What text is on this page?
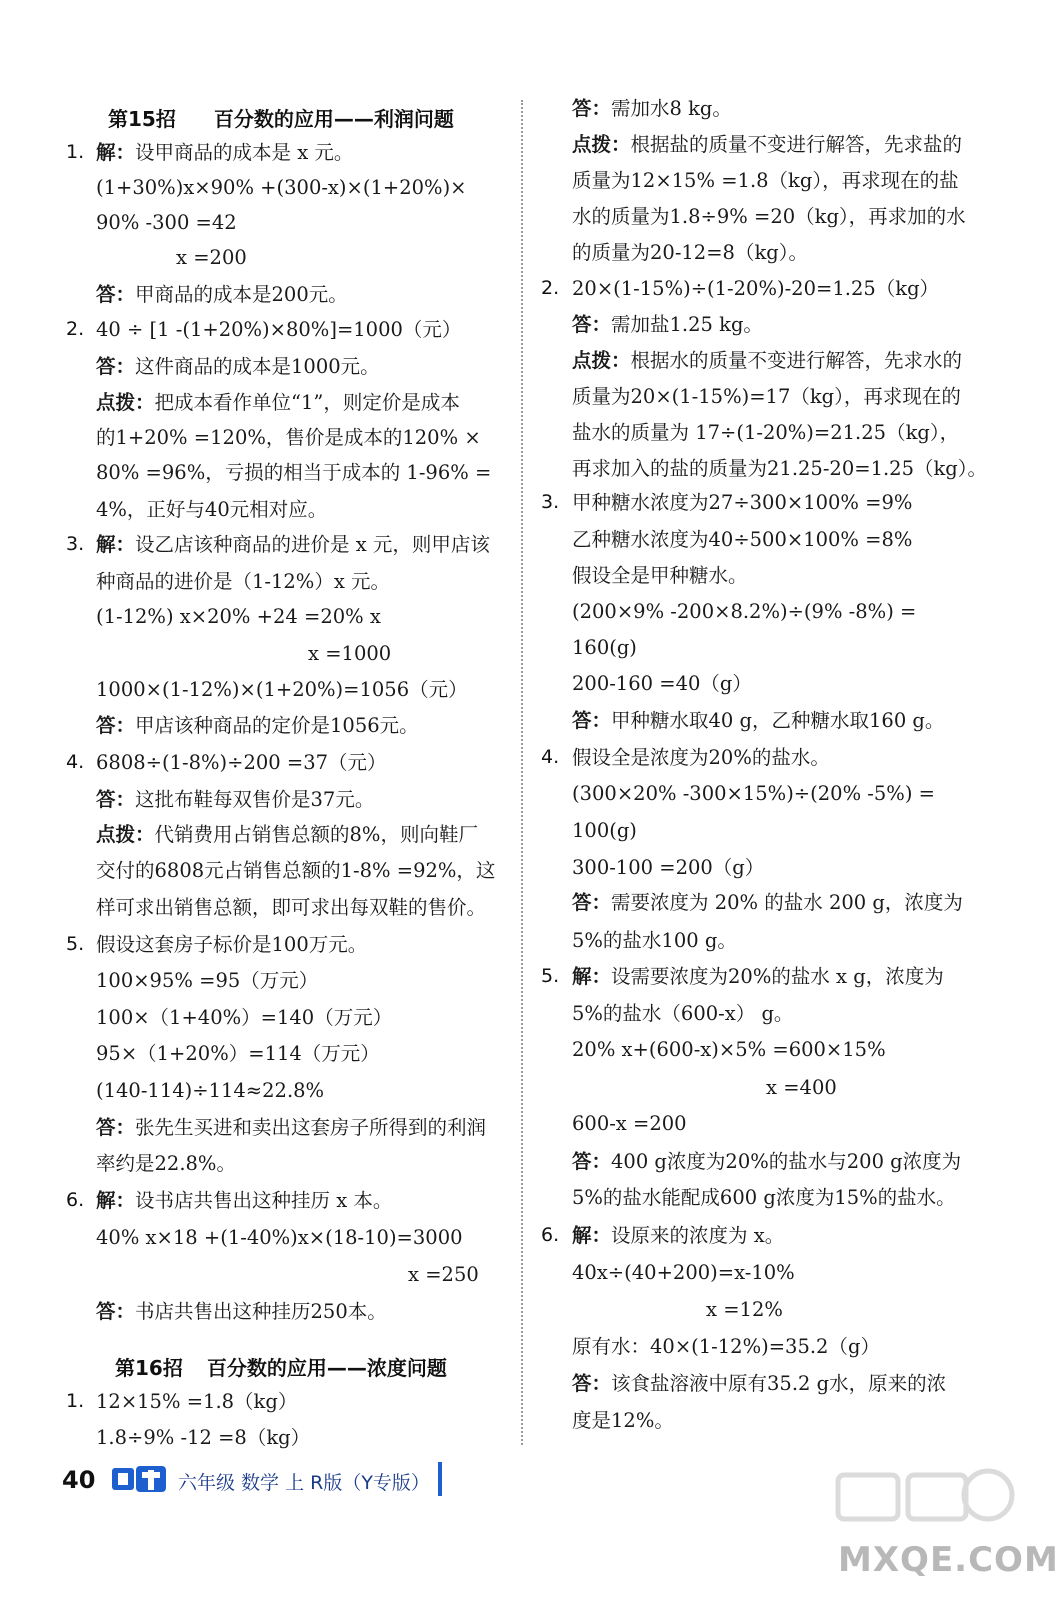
第15招 百分数的应用——利润问题
1. 解：设甲商品的成本是 x 元。
(1+30%)x×90% +(300-x)×(1+20%)×
90% -300 =42
x =200
答：甲商品的成本是200元。
2. 40 ÷ [1 -(1+20%)×80%]=1000（元）
答：这件商品的成本是1000元。
点拨：把成本看作单位“1”，则定价是成本
的1+20% =120%，售价是成本的120% ×
80% =96%，亏损的相当于成本的 1-96% =
4%，正好与40元相对应。
3. 解：设乙店该种商品的进价是 x 元，则甲店该
种商品的进价是（1-12%）x 元。
(1-12%) x×20% +24 =20% x
x =1000
1000×(1-12%)×(1+20%)=1056（元）
答：甲店该种商品的定价是1056元。
4. 6808÷(1-8%)÷200 =37（元）
答：这批布鞋每双售价是37元。
点拨：代销费用占销售总额的8%，则向鞋厂
交付的6808元占销售总额的1-8% =92%，这
样可求出销售总额，即可求出每双鞋的售价。
5. 假设这套房子标价是100万元。
100×95% =95（万元）
100×（1+40%）=140（万元）
95×（1+20%）=114（万元）
(140-114)÷114≈22.8%
答：张先生买进和卖出这套房子所得到的利润
率约是22.8%。
6. 解：设书店共售出这种挂历 x 本。
40% x×18 +(1-40%)x×(18-10)=3000
x =250
答：书店共售出这种挂历250本。
第16招 百分数的应用——浓度问题
1. 12×15% =1.8（kg）
1.8÷9% -12 =8（kg）
答：需加水8 kg。
点拨：根据盐的质量不变进行解答，先求盐的
质量为12×15% =1.8（kg），再求现在的盐
水的质量为1.8÷9% =20（kg），再求加的水
的质量为20-12=8（kg）。
2. 20×(1-15%)÷(1-20%)-20=1.25（kg）
答：需加盐1.25 kg。
点拨：根据水的质量不变进行解答，先求水的
质量为20×(1-15%)=17（kg），再求现在的
盐水的质量为 17÷(1-20%)=21.25（kg），
再求加入的盐的质量为21.25-20=1.25（kg）。
3. 甲种糖水浓度为27÷300×100% =9%
乙种糖水浓度为40÷500×100% =8%
假设全是甲种糖水。
(200×9% -200×8.2%)÷(9% -8%) =
160(g)
200-160 =40（g）
答：甲种糖水取40 g，乙种糖水取160 g。
4. 假设全是浓度为20%的盐水。
(300×20% -300×15%)÷(20% -5%) =
100(g)
300-100 =200（g）
答：需要浓度为 20% 的盐水 200 g，浓度为
5%的盐水100 g。
5. 解：设需要浓度为20%的盐水 x g，浓度为
5%的盐水（600-x） g。
20% x+(600-x)×5% =600×15%
x =400
600-x =200
答：400 g浓度为20%的盐水与200 g浓度为
5%的盐水能配成600 g浓度为15%的盐水。
6. 解：设原来的浓度为 x。
40x÷(40+200)=x-10%
x =12%
原有水：40×(1-12%)=35.2（g）
答：该食盐溶液中原有35.2 g水，原来的浓
度是12%。
40	六年级 数学 上 R版（Y专版）
MXQE.COM
